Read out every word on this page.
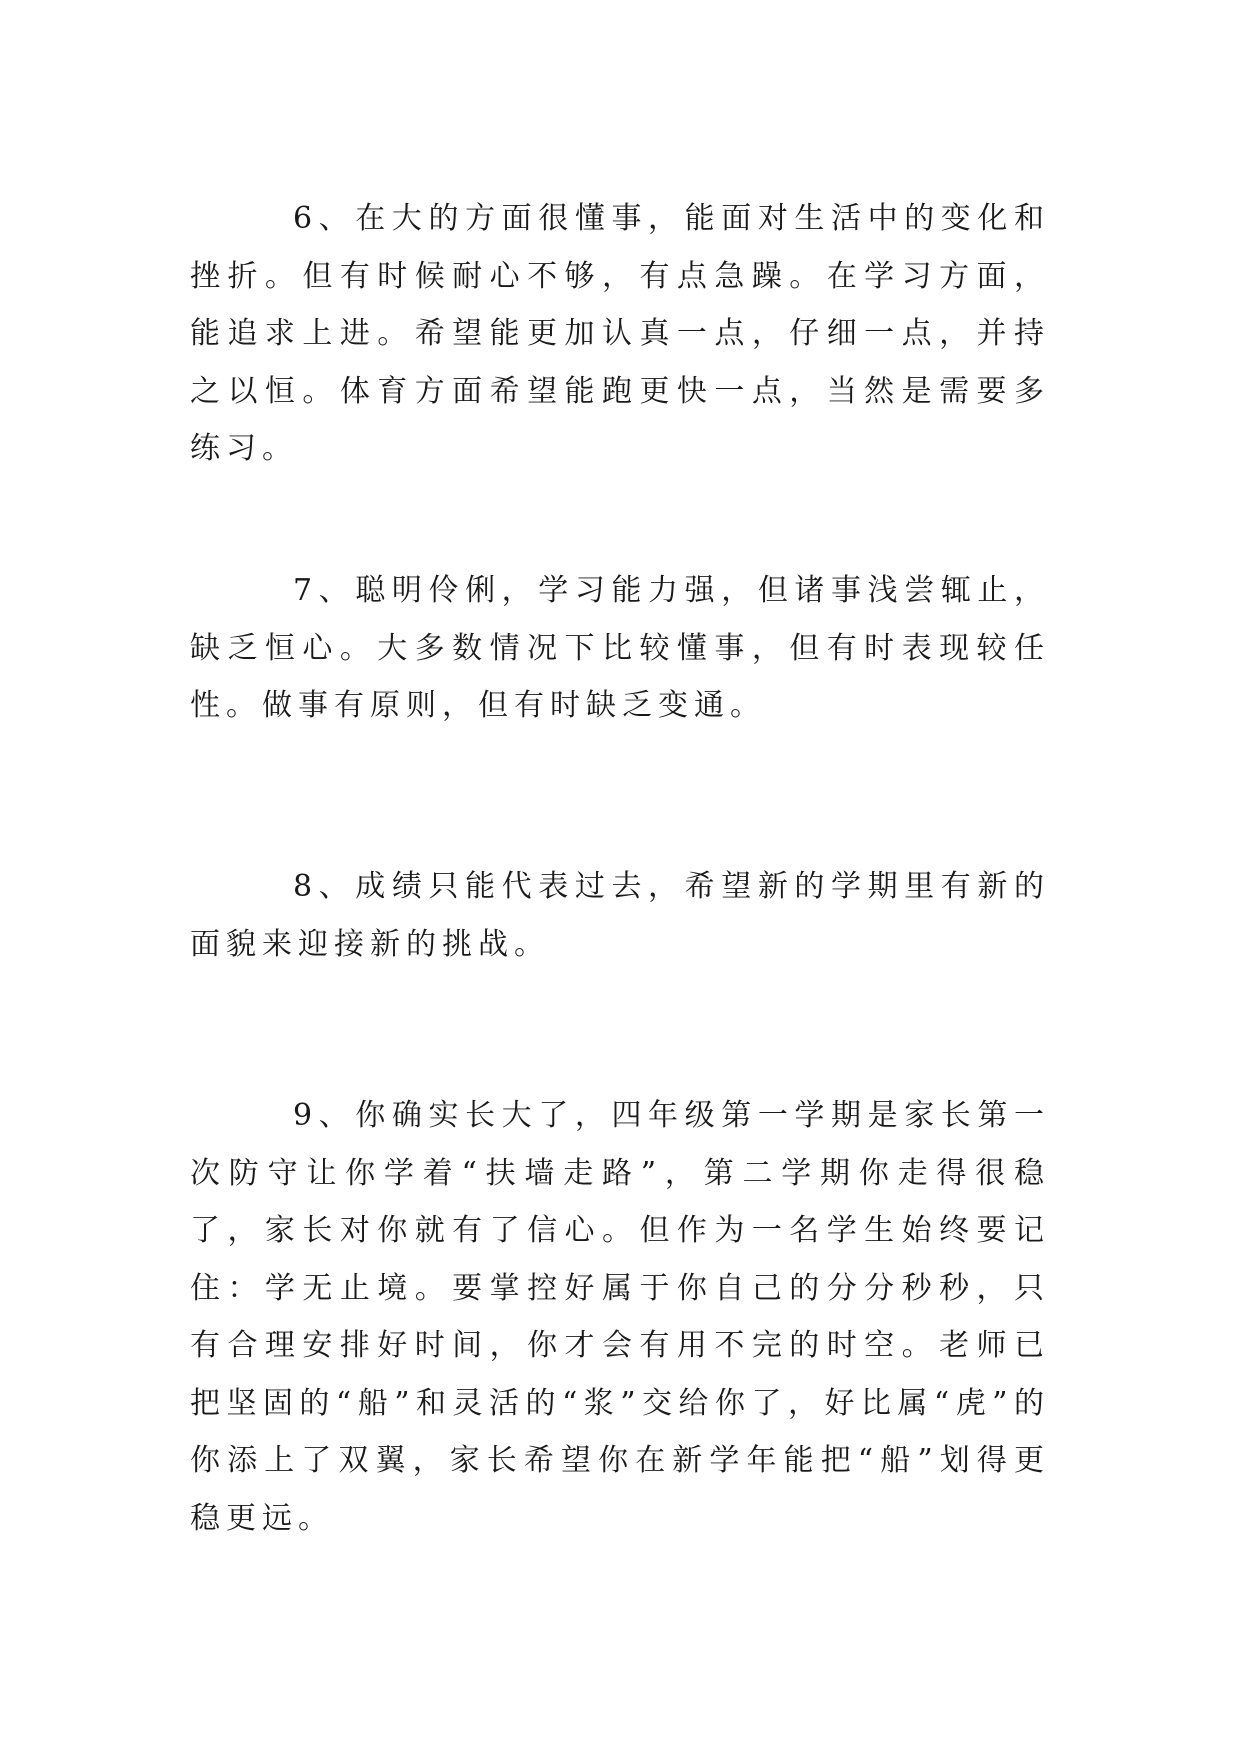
6、在大的方面很懂事，能面对生活中的变化和挫折。但有时候耐心不够，有点急躁。在学习方面，能追求上进。希望能更加认真一点，仔细一点，并持之以恒。体育方面希望能跑更快一点，当然是需要多练习。

7、聪明伶俐，学习能力强，但诸事浅尝辄止，缺乏恒心。大多数情况下比较懂事，但有时表现较任性。做事有原则，但有时缺乏变通。

8、成绩只能代表过去，希望新的学期里有新的面貌来迎接新的挑战。

9、你确实长大了，四年级第一学期是家长第一次防守让你学着“扶墙走路”，第二学期你走得很稳了，家长对你就有了信心。但作为一名学生始终要记住：学无止境。要掌控好属于你自己的分分秒秒，只有合理安排好时间，你才会有用不完的时空。老师已把坚固的“船”和灵活的“浆”交给你了，好比属“虎”的你添上了双翼，家长希望你在新学年能把“船”划得更稳更远。
